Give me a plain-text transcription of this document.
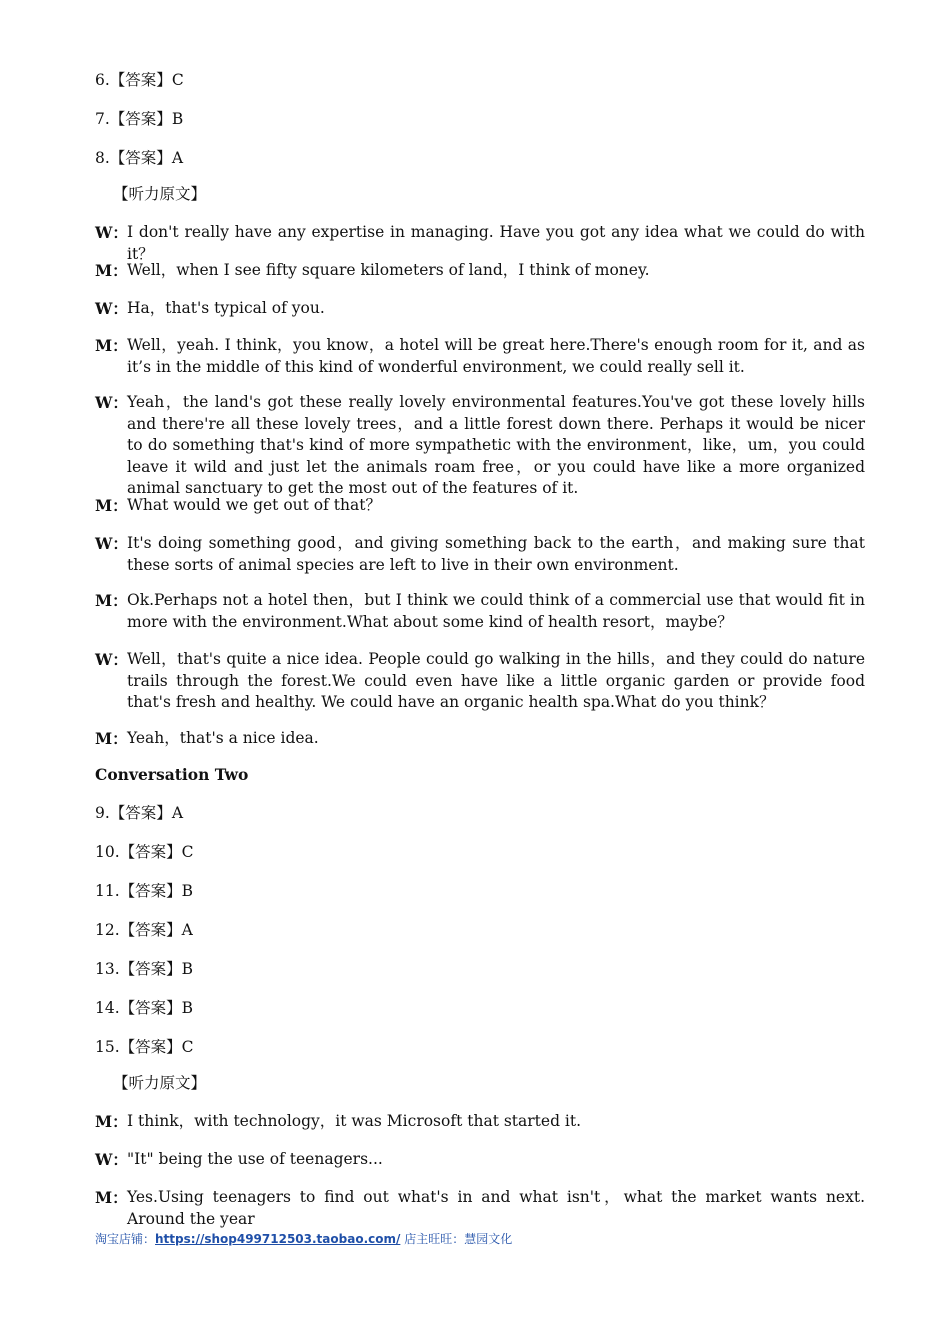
6.【答案】C
7.【答案】B
8.【答案】A
【听力原文】
W： I don't really have any expertise in managing. Have you got any idea what we could do with it？
M： Well，when I see fifty square kilometers of land，I think of money.
W： Ha，that's typical of you.
M： Well，yeah. I think，you know，a hotel will be great here.There's enough room for it, and as it’s in the middle of this kind of wonderful environment, we could really sell it.
W： Yeah，the land's got these really lovely environmental features.You've got these lovely hills and there're all these lovely trees，and a little forest down there. Perhaps it would be nicer to do something that's kind of more sympathetic with the environment，like，um，you could leave it wild and just let the animals roam free，or you could have like a more organized animal sanctuary to get the most out of the features of it.
M： What would we get out of that？
W： It's doing something good，and giving something back to the earth，and making sure that these sorts of animal species are left to live in their own environment.
M： Ok.Perhaps not a hotel then，but I think we could think of a commercial use that would fit in more with the environment.What about some kind of health resort，maybe？
W： Well，that's quite a nice idea. People could go walking in the hills，and they could do nature trails through the forest.We could even have like a little organic garden or provide food that's fresh and healthy. We could have an organic health spa.What do you think？
M： Yeah，that's a nice idea.
Conversation Two
9.【答案】A
10.【答案】C
11.【答案】B
12.【答案】A
13.【答案】B
14.【答案】B
15.【答案】C
【听力原文】
M： I think，with technology，it was Microsoft that started it.
W： "It" being the use of teenagers...
M： Yes.Using teenagers to find out what's in and what isn't，what the market wants next. Around the year
淘宝店铺：https://shop499712503.taobao.com/ 店主旺旺：慧园文化
